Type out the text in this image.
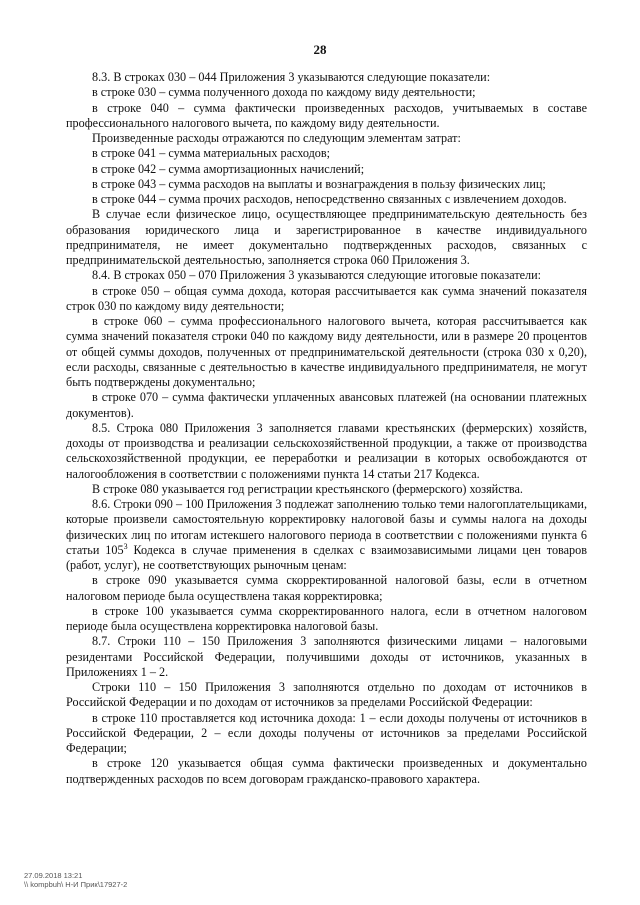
28

8.3. В строках 030 – 044 Приложения 3 указываются следующие показатели:

в строке 030 – сумма полученного дохода по каждому виду деятельности;

в строке 040 – сумма фактически произведенных расходов, учитываемых в составе профессионального налогового вычета, по каждому виду деятельности.

Произведенные расходы отражаются по следующим элементам затрат:

в строке 041 – сумма материальных расходов;

в строке 042 – сумма амортизационных начислений;

в строке 043 – сумма расходов на выплаты и вознаграждения в пользу физических лиц;

в строке 044 – сумма прочих расходов, непосредственно связанных с извлечением доходов.

В случае если физическое лицо, осуществляющее предпринимательскую деятельность без образования юридического лица и зарегистрированное в качестве индивидуального предпринимателя, не имеет документально подтвержденных расходов, связанных с предпринимательской деятельностью, заполняется строка 060 Приложения 3.

8.4. В строках 050 – 070 Приложения 3 указываются следующие итоговые показатели:

в строке 050 – общая сумма дохода, которая рассчитывается как сумма значений показателя строк 030 по каждому виду деятельности;

в строке 060 – сумма профессионального налогового вычета, которая рассчитывается как сумма значений показателя строки 040 по каждому виду деятельности, или в размере 20 процентов от общей суммы доходов, полученных от предпринимательской деятельности (строка 030 х 0,20), если расходы, связанные с деятельностью в качестве индивидуального предпринимателя, не могут быть подтверждены документально;

в строке 070 – сумма фактически уплаченных авансовых платежей (на основании платежных документов).

8.5. Строка 080 Приложения 3 заполняется главами крестьянских (фермерских) хозяйств, доходы от производства и реализации сельскохозяйственной продукции, а также от производства сельскохозяйственной продукции, ее переработки и реализации в которых освобождаются от налогообложения в соответствии с положениями пункта 14 статьи 217 Кодекса.

В строке 080 указывается год регистрации крестьянского (фермерского) хозяйства.

8.6. Строки 090 – 100 Приложения 3 подлежат заполнению только теми налогоплательщиками, которые произвели самостоятельную корректировку налоговой базы и суммы налога на доходы физических лиц по итогам истекшего налогового периода в соответствии с положениями пункта 6 статьи $105^3$ Кодекса в случае применения в сделках с взаимозависимыми лицами цен товаров (работ, услуг), не соответствующих рыночным ценам:

в строке 090 указывается сумма скорректированной налоговой базы, если в отчетном налоговом периоде была осуществлена такая корректировка;

в строке 100 указывается сумма скорректированного налога, если в отчетном налоговом периоде была осуществлена корректировка налоговой базы.

8.7. Строки 110 – 150 Приложения 3 заполняются физическими лицами – налоговыми резидентами Российской Федерации, получившими доходы от источников, указанных в Приложениях 1 – 2.

Строки 110 – 150 Приложения 3 заполняются отдельно по доходам от источников в Российской Федерации и по доходам от источников за пределами Российской Федерации:

в строке 110 проставляется код источника дохода: 1 – если доходы получены от источников в Российской Федерации, 2 – если доходы получены от источников за пределами Российской Федерации;

в строке 120 указывается общая сумма фактически произведенных и документально подтвержденных расходов по всем договорам гражданско-правового характера.

27.09.2018 13:21
\\ kompbuh\ Н-И Прик\17927-2
